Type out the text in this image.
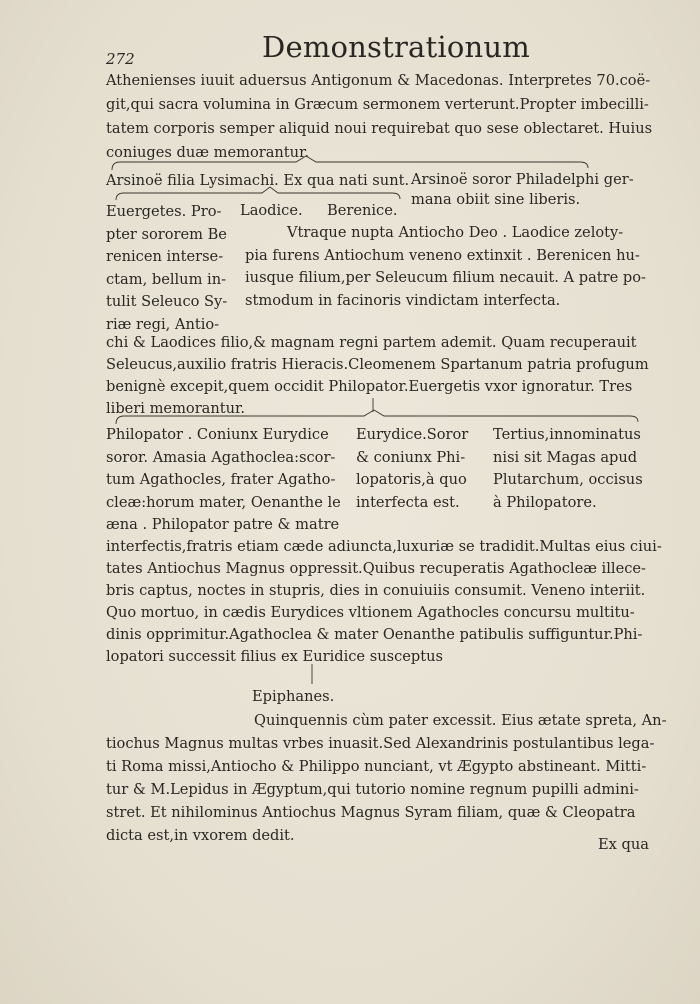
272	Demonstrationum
Athenienses iuuit aduersus Antigonum & Macedonas. Interpretes 70.coë-
git,qui sacra volumina in Græcum sermonem verterunt.Propter imbecilli-
tatem corporis semper aliquid noui requirebat quo sese oblectaret. Huius
coniuges duæ memorantur.
Arsinoë filia Lysimachi. Ex qua nati sunt. Arsinoë soror Philadelphi ger-
mana obiit sine liberis.
Euergetes. Pro-
pter sororem Be
renicen interse-
ctam, bellum in-
tulit Seleuco Sy-
riæ regi, Antio-
Laodice. Berenice.
Vtraque nupta Antiocho Deo . Laodice zeloty-
pia furens Antiochum veneno extinxit . Berenicen hu-
iusque filium,per Seleucum filium necauit. A patre po-
stmodum in facinoris vindictam interfecta.
chi & Laodices filio,& magnam regni partem ademit. Quam recuperauit
Seleucus,auxilio fratris Hieracis.Cleomenem Spartanum patria profugum
benignè excepit,quem occidit Philopator.Euergetis vxor ignoratur. Tres
liberi memorantur.
Philopator . Coniunx Eurydice
soror. Amasia Agathoclea:scor-
tum Agathocles, frater Agatho-
cleæ:horum mater, Oenanthe le
æna . Philopator patre & matre
Eurydice.Soror
& coniunx Phi-
lopatoris,à quo
interfecta est.
Tertius,innominatus
nisi sit Magas apud
Plutarchum, occisus
à Philopatore.
interfectis,fratris etiam cæde adiuncta,luxuriæ se tradidit.Multas eius ciui-
tates Antiochus Magnus oppressit.Quibus recuperatis Agathocleæ illece-
bris captus, noctes in stupris, dies in conuiuiis consumit. Veneno interiit.
Quo mortuo, in cædis Eurydices vltionem Agathocles concursu multitu-
dinis opprimitur.Agathoclea & mater Oenanthe patibulis suffiguntur.Phi-
lopatori successit filius ex Euridice susceptus
Epiphanes.
Quinquennis cùm pater excessit. Eius ætate spreta, An-
tiochus Magnus multas vrbes inuasit.Sed Alexandrinis postulantibus lega-
ti Roma missi,Antiocho & Philippo nunciant, vt Ægypto abstineant. Mitti-
tur & M.Lepidus in Ægyptum,qui tutorio nomine regnum pupilli admini-
stret. Et nihilominus Antiochus Magnus Syram filiam, quæ & Cleopatra
dicta est,in vxorem dedit.
Ex qua
